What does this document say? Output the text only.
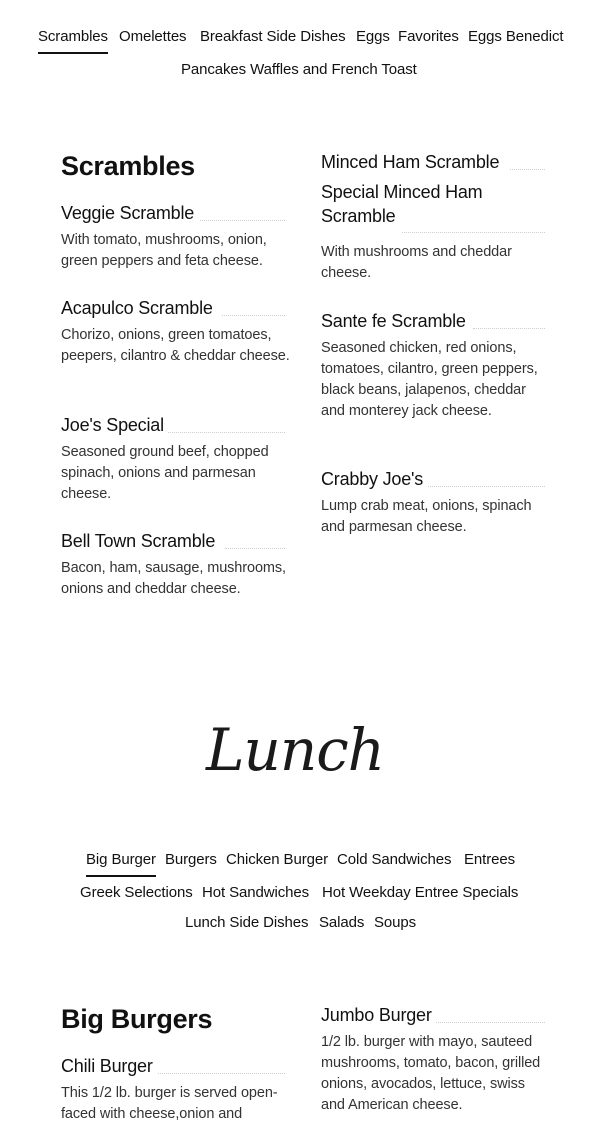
Scrambles Omelettes Breakfast Side Dishes Eggs Favorites Eggs Benedict
Pancakes Waffles and French Toast
Scrambles
Veggie Scramble
With tomato, mushrooms, onion, green peppers and feta cheese.
Acapulco Scramble
Chorizo, onions, green tomatoes, peepers, cilantro & cheddar cheese.
Joe's Special
Seasoned ground beef, chopped spinach, onions and parmesan cheese.
Bell Town Scramble
Bacon, ham, sausage, mushrooms, onions and cheddar cheese.
Minced Ham Scramble
Special Minced Ham Scramble
With mushrooms and cheddar cheese.
Sante fe Scramble
Seasoned chicken, red onions, tomatoes, cilantro, green peppers, black beans, jalapenos, cheddar and monterey jack cheese.
Crabby Joe's
Lump crab meat, onions, spinach and parmesan cheese.
Lunch
Big Burger Burgers Chicken Burger Cold Sandwiches Entrees
Greek Selections Hot Sandwiches Hot Weekday Entree Specials
Lunch Side Dishes Salads Soups
Big Burgers
Chili Burger
This 1/2 lb. burger is served open-faced with cheese,onion and
Jumbo Burger
1/2 lb. burger with mayo, sauteed mushrooms, tomato, bacon, grilled onions, avocados, lettuce, swiss and American cheese.
